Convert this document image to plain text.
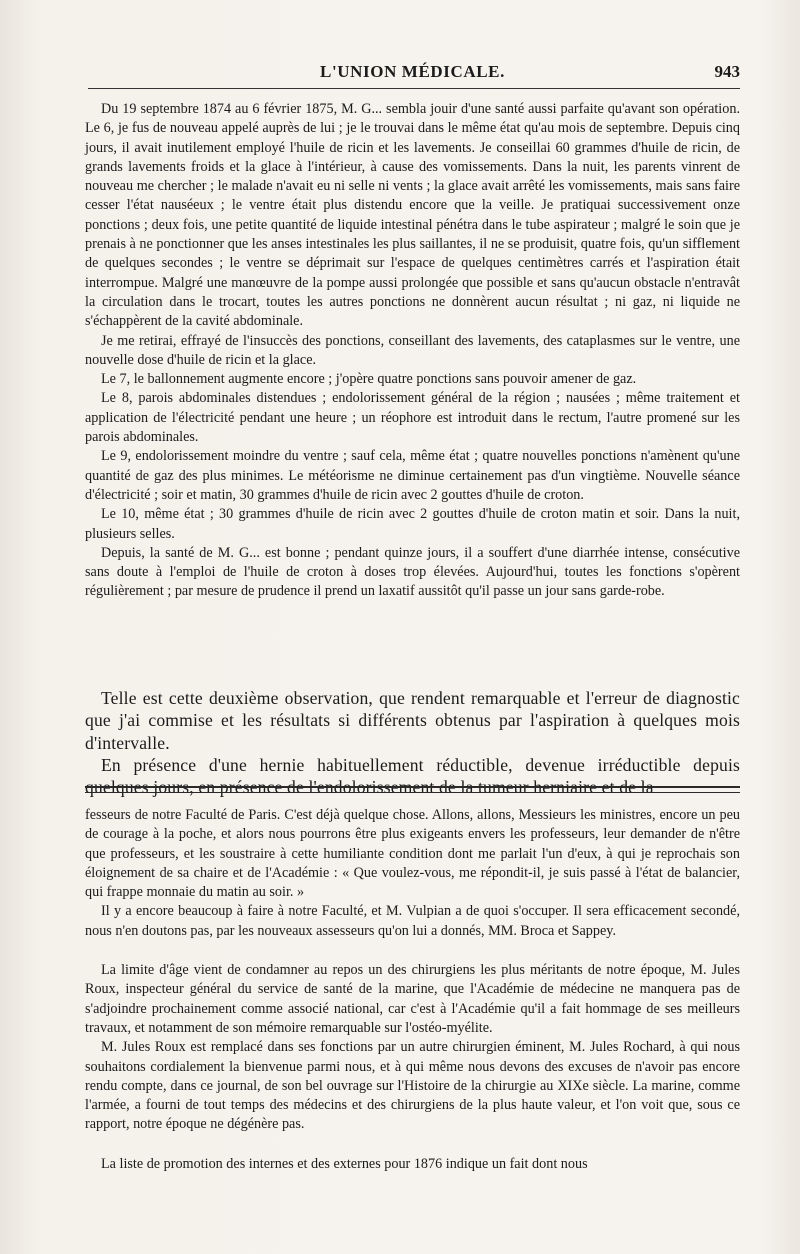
L'UNION MÉDICALE.	943

Du 19 septembre 1874 au 6 février 1875, M. G... sembla jouir d'une santé aussi parfaite qu'avant son opération. Le 6, je fus de nouveau appelé auprès de lui ; je le trouvai dans le même état qu'au mois de septembre. Depuis cinq jours, il avait inutilement employé l'huile de ricin et les lavements. Je conseillai 60 grammes d'huile de ricin, de grands lavements froids et la glace à l'intérieur, à cause des vomissements. Dans la nuit, les parents vinrent de nouveau me chercher ; le malade n'avait eu ni selle ni vents ; la glace avait arrêté les vomissements, mais sans faire cesser l'état nauséeux ; le ventre était plus distendu encore que la veille. Je pratiquai successivement onze ponctions ; deux fois, une petite quantité de liquide intestinal pénétra dans le tube aspirateur ; malgré le soin que je prenais à ne ponctionner que les anses intestinales les plus saillantes, il ne se produisit, quatre fois, qu'un sifflement de quelques secondes ; le ventre se déprimait sur l'espace de quelques centimètres carrés et l'aspiration était interrompue. Malgré une manœuvre de la pompe aussi prolongée que possible et sans qu'aucun obstacle n'entravât la circulation dans le trocart, toutes les autres ponctions ne donnèrent aucun résultat ; ni gaz, ni liquide ne s'échappèrent de la cavité abdominale.

Je me retirai, effrayé de l'insuccès des ponctions, conseillant des lavements, des cataplasmes sur le ventre, une nouvelle dose d'huile de ricin et la glace.

Le 7, le ballonnement augmente encore ; j'opère quatre ponctions sans pouvoir amener de gaz.

Le 8, parois abdominales distendues ; endolorissement général de la région ; nausées ; même traitement et application de l'électricité pendant une heure ; un réophore est introduit dans le rectum, l'autre promené sur les parois abdominales.

Le 9, endolorissement moindre du ventre ; sauf cela, même état ; quatre nouvelles ponctions n'amènent qu'une quantité de gaz des plus minimes. Le météorisme ne diminue certainement pas d'un vingtième. Nouvelle séance d'électricité ; soir et matin, 30 grammes d'huile de ricin avec 2 gouttes d'huile de croton.

Le 10, même état ; 30 grammes d'huile de ricin avec 2 gouttes d'huile de croton matin et soir. Dans la nuit, plusieurs selles.

Depuis, la santé de M. G... est bonne ; pendant quinze jours, il a souffert d'une diarrhée intense, consécutive sans doute à l'emploi de l'huile de croton à doses trop élevées. Aujourd'hui, toutes les fonctions s'opèrent régulièrement ; par mesure de prudence il prend un laxatif aussitôt qu'il passe un jour sans garde-robe.

Telle est cette deuxième observation, que rendent remarquable et l'erreur de diagnostic que j'ai commise et les résultats si différents obtenus par l'aspiration à quelques mois d'intervalle.

En présence d'une hernie habituellement réductible, devenue irréductible depuis quelques jours, en présence de l'endolorissement de la tumeur herniaire et de la

fesseurs de notre Faculté de Paris. C'est déjà quelque chose. Allons, allons, Messieurs les ministres, encore un peu de courage à la poche, et alors nous pourrons être plus exigeants envers les professeurs, leur demander de n'être que professeurs, et les soustraire à cette humiliante condition dont me parlait l'un d'eux, à qui je reprochais son éloignement de sa chaire et de l'Académie : « Que voulez-vous, me répondit-il, je suis passé à l'état de balancier, qui frappe monnaie du matin au soir. »

Il y a encore beaucoup à faire à notre Faculté, et M. Vulpian a de quoi s'occuper. Il sera efficacement secondé, nous n'en doutons pas, par les nouveaux assesseurs qu'on lui a donnés, MM. Broca et Sappey.

La limite d'âge vient de condamner au repos un des chirurgiens les plus méritants de notre époque, M. Jules Roux, inspecteur général du service de santé de la marine, que l'Académie de médecine ne manquera pas de s'adjoindre prochainement comme associé national, car c'est à l'Académie qu'il a fait hommage de ses meilleurs travaux, et notamment de son mémoire remarquable sur l'ostéo-myélite.

M. Jules Roux est remplacé dans ses fonctions par un autre chirurgien éminent, M. Jules Rochard, à qui nous souhaitons cordialement la bienvenue parmi nous, et à qui même nous devons des excuses de n'avoir pas encore rendu compte, dans ce journal, de son bel ouvrage sur l'Histoire de la chirurgie au XIXe siècle. La marine, comme l'armée, a fourni de tout temps des médecins et des chirurgiens de la plus haute valeur, et l'on voit que, sous ce rapport, notre époque ne dégénère pas.

La liste de promotion des internes et des externes pour 1876 indique un fait dont nous
